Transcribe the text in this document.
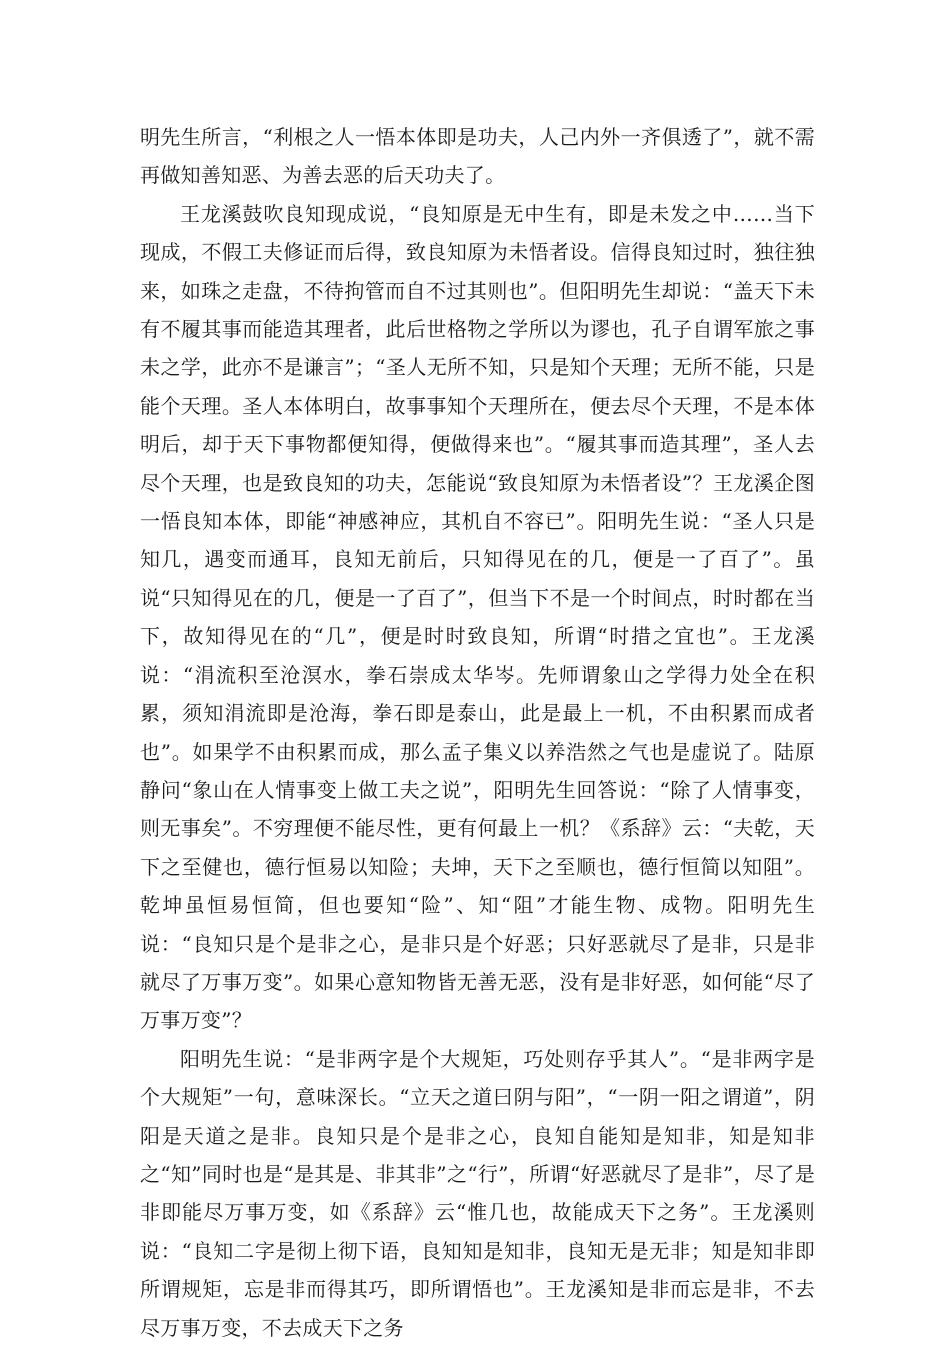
明先生所言，“利根之人一悟本体即是功夫，人己内外一齐俱透了”，就不需再做知善知恶、为善去恶的后天功夫了。

王龙溪鼓吹良知现成说，“良知原是无中生有，即是未发之中……当下现成，不假工夫修证而后得，致良知原为未悟者设。信得良知过时，独往独来，如珠之走盘，不待拘管而自不过其则也”。但阳明先生却说：“盖天下未有不履其事而能造其理者，此后世格物之学所以为谬也，孔子自谓军旅之事未之学，此亦不是谦言”；“圣人无所不知，只是知个天理；无所不能，只是能个天理。圣人本体明白，故事事知个天理所在，便去尽个天理，不是本体明后，却于天下事物都便知得，便做得来也”。“履其事而造其理”，圣人去尽个天理，也是致良知的功夫，怎能说“致良知原为未悟者设”？王龙溪企图一悟良知本体，即能“神感神应，其机自不容已”。阳明先生说：“圣人只是知几，遇变而通耳，良知无前后，只知得见在的几，便是一了百了”。虽说“只知得见在的几，便是一了百了”，但当下不是一个时间点，时时都在当下，故知得见在的“几”，便是时时致良知，所谓“时措之宜也”。王龙溪说：“涓流积至沧溟水，拳石崇成太华岑。先师谓象山之学得力处全在积累，须知涓流即是沧海，拳石即是泰山，此是最上一机，不由积累而成者也”。如果学不由积累而成，那么孟子集义以养浩然之气也是虚说了。陆原静问“象山在人情事变上做工夫之说”，阳明先生回答说：“除了人情事变，则无事矣”。不穷理便不能尽性，更有何最上一机？《系辞》云：“夫乾，天下之至健也，德行恒易以知险；夫坤，天下之至顺也，德行恒简以知阻”。乾坤虽恒易恒简，但也要知“险”、知“阻”才能生物、成物。阳明先生说：“良知只是个是非之心，是非只是个好恶；只好恶就尽了是非，只是非就尽了万事万变”。如果心意知物皆无善无恶，没有是非好恶，如何能“尽了万事万变”？

阳明先生说：“是非两字是个大规矩，巧处则存乎其人”。“是非两字是个大规矩”一句，意味深长。“立天之道曰阴与阳”，“一阴一阳之谓道”，阴阳是天道之是非。良知只是个是非之心，良知自能知是知非，知是知非之“知”同时也是“是其是、非其非”之“行”，所谓“好恶就尽了是非”，尽了是非即能尽万事万变，如《系辞》云“惟几也，故能成天下之务”。王龙溪则说：“良知二字是彻上彻下语，良知知是知非，良知无是无非；知是知非即所谓规矩，忘是非而得其巧，即所谓悟也”。王龙溪知是非而忘是非，不去尽万事万变，不去成天下之务
